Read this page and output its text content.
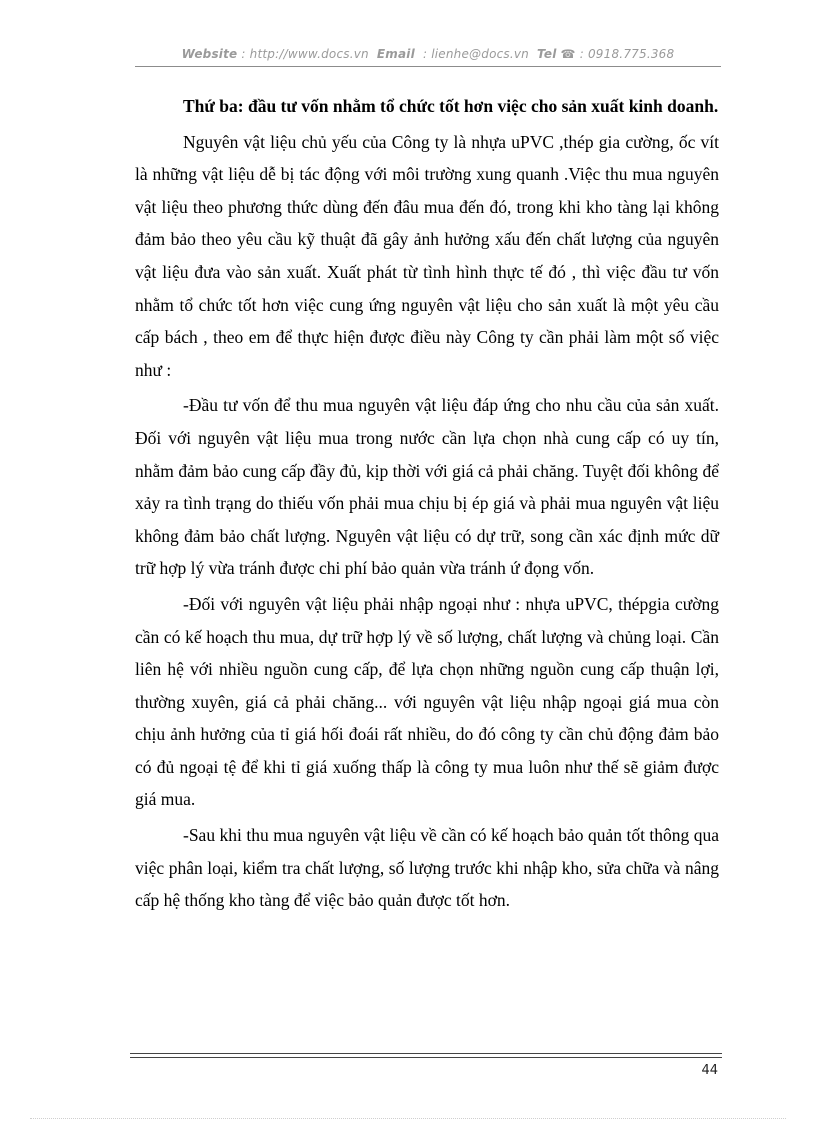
Website : http://www.docs.vn Email : lienhe@docs.vn Tel ☎ : 0918.775.368

Thứ ba: đầu tư vốn nhằm tổ chức tốt hơn việc cho sản xuất kinh doanh.

Nguyên vật liệu chủ yếu của Công ty là nhựa uPVC ,thép gia cường, ốc vít là những vật liệu dễ bị tác động với môi trường xung quanh .Việc thu mua nguyên vật liệu theo phương thức dùng đến đâu mua đến đó, trong khi kho tàng lại không đảm bảo theo yêu cầu kỹ thuật đã gây ảnh hưởng xấu đến chất lượng của nguyên vật liệu đưa vào sản xuất. Xuất phát từ tình hình thực tế đó , thì việc đầu tư vốn nhằm tổ chức tốt hơn việc cung ứng nguyên vật liệu cho sản xuất là một yêu cầu cấp bách , theo em để thực hiện được điều này Công ty cần phải làm một số việc như :

-Đầu tư vốn để thu mua nguyên vật liệu đáp ứng cho nhu cầu của sản xuất. Đối với nguyên vật liệu mua trong nước cần lựa chọn nhà cung cấp có uy tín, nhằm đảm bảo cung cấp đầy đủ, kịp thời với giá cả phải chăng. Tuyệt đối không để xảy ra tình trạng do thiếu vốn phải mua chịu bị ép giá và phải mua nguyên vật liệu không đảm bảo chất lượng. Nguyên vật liệu có dự trữ, song cần xác định mức dữ trữ hợp lý vừa tránh được chi phí bảo quản vừa tránh ứ đọng vốn.

-Đối với nguyên vật liệu phải nhập ngoại như : nhựa uPVC, thépgia cường cần có kế hoạch thu mua, dự trữ hợp lý về số lượng, chất lượng và chủng loại. Cần liên hệ với nhiều nguồn cung cấp, để lựa chọn những nguồn cung cấp thuận lợi, thường xuyên, giá cả phải chăng... với nguyên vật liệu nhập ngoại giá mua còn chịu ảnh hưởng của tỉ giá hối đoái rất nhiều, do đó công ty cần chủ động đảm bảo có đủ ngoại tệ để khi tỉ giá xuống thấp là công ty mua luôn như thế sẽ giảm được giá mua.

-Sau khi thu mua nguyên vật liệu về cần có kế hoạch bảo quản tốt thông qua việc phân loại, kiểm tra chất lượng, số lượng trước khi nhập kho, sửa chữa và nâng cấp hệ thống kho tàng để việc bảo quản được tốt hơn.

44
